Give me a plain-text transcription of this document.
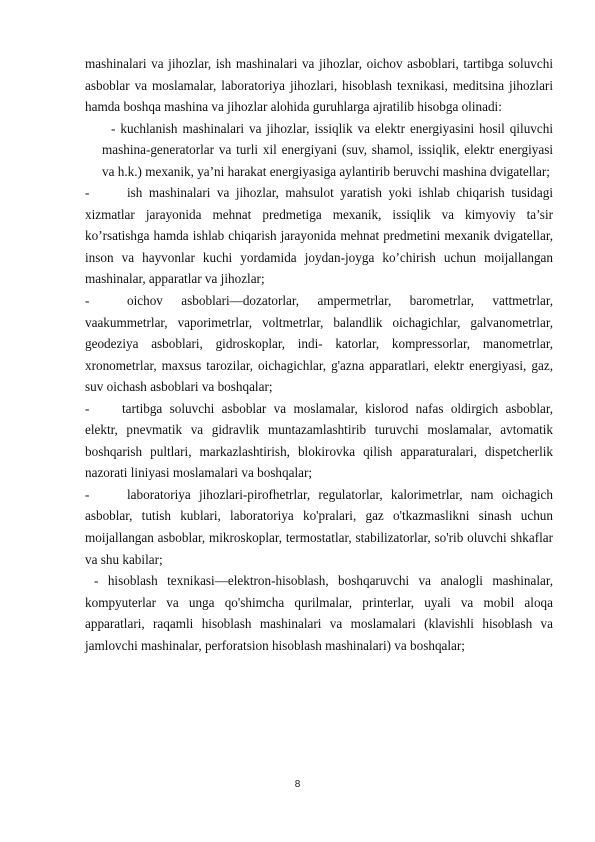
mashinalari va jihozlar, ish mashinalari va jihozlar, oichov asboblari, tartibga soluvchi asboblar va moslamalar, laboratoriya jihozlari, hisoblash texnikasi, meditsina jihozlari hamda boshqa mashina va jihozlar alohida guruhlarga ajratilib hisobga olinadi:

- kuchlanish mashinalari va jihozlar, issiqlik va elektr energiyasini hosil qiluvchi mashina-generatorlar va turli xil energiyani (suv, shamol, issiqlik, elektr energiyasi va h.k.) mexanik, ya’ni harakat energiyasiga aylantirib beruvchi mashina dvigatellar;

-	ish mashinalari va jihozlar, mahsulot yaratish yoki ishlab chiqarish tusidagi xizmatlar jarayonida mehnat predmetiga mexanik, issiqlik va kimyoviy ta’sir ko’rsatishga hamda ishlab chiqarish jarayonida mehnat predmetini mexanik dvigatellar, inson va hayvonlar kuchi yordamida joydan-joyga ko’chirish uchun moijallangan mashinalar, apparatlar va jihozlar;
-	oichov asboblari—dozatorlar, ampermetrlar, barometrlar, vattmetrlar, vaakummetrlar, vaporimetrlar, voltmetrlar, balandlik oichagichlar, galvanometrlar, geodeziya asboblari, gidroskoplar, indi- katorlar, kompressorlar, manometrlar, xronometrlar, maxsus tarozilar, oichagichlar, g'azna apparatlari, elektr energiyasi, gaz, suv oichash asboblari va boshqalar;
- tartibga soluvchi asboblar va moslamalar, kislorod nafas oldirgich asboblar, elektr, pnevmatik va gidravlik muntazamlashtirib turuvchi moslamalar, avtomatik boshqarish pultlari, markazlashtirish, blokirovka qilish apparaturalari, dispetcherlik nazorati liniyasi moslamalari va boshqalar;
-	laboratoriya jihozlari-pirofhetrlar, regulatorlar, kalorimetrlar, nam oichagich asboblar, tutish kublari, laboratoriya ko'pralari, gaz o'tkazmaslikni sinash uchun moijallangan asboblar, mikroskoplar, termostatlar, stabilizatorlar, so'rib oluvchi shkaflar va shu kabilar;

- hisoblash texnikasi—elektron-hisoblash, boshqaruvchi va analogli mashinalar, kompyuterlar va unga qo'shimcha qurilmalar, printerlar, uyali va mobil aloqa apparatlari, raqamli hisoblash mashinalari va moslamalari (klavishli hisoblash va jamlovchi mashinalar, perforatsion hisoblash mashinalari) va boshqalar;

8
